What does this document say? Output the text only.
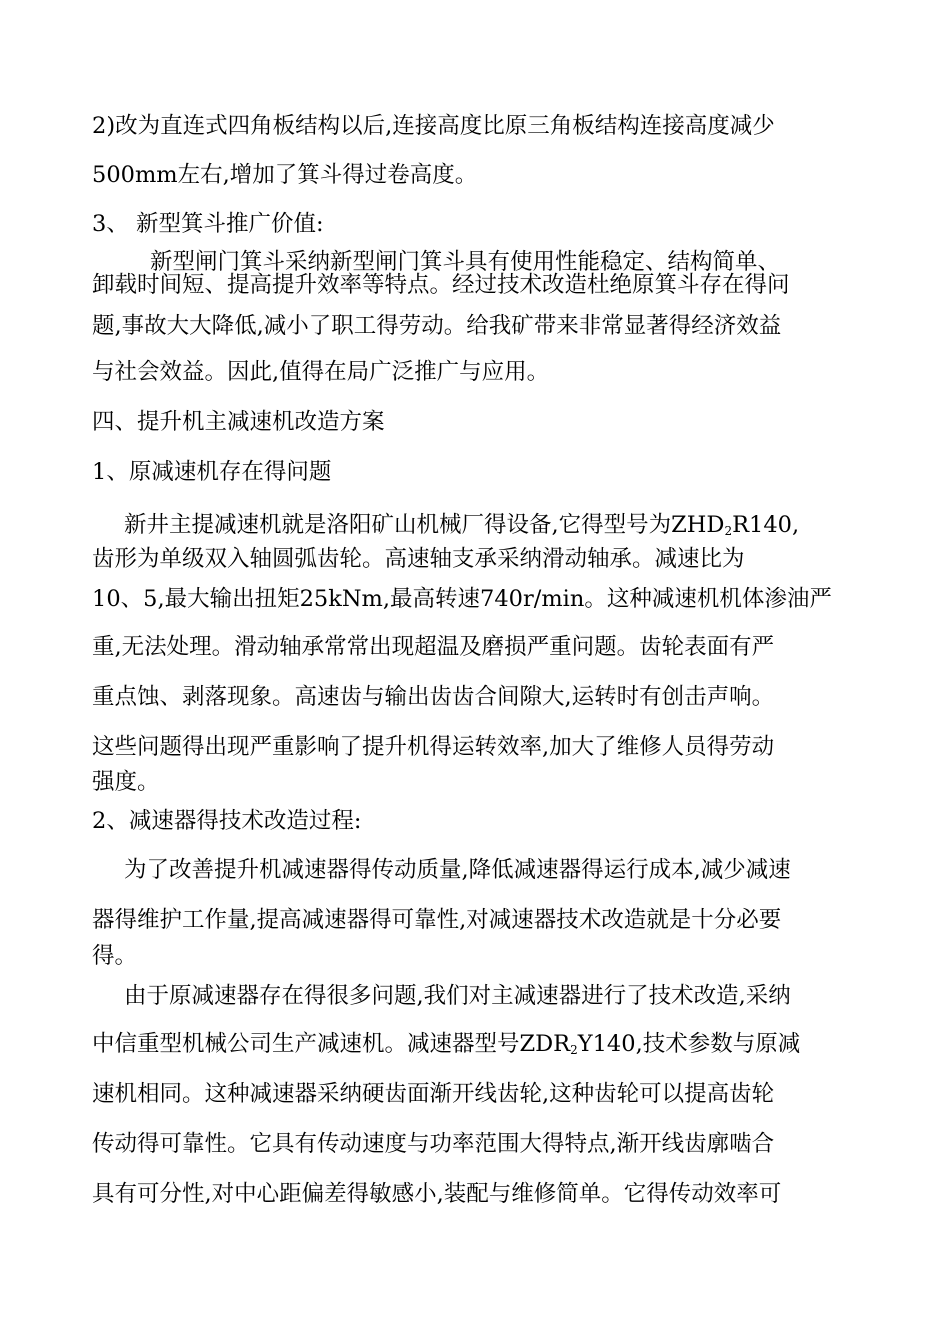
2)改为直连式四角板结构以后,连接高度比原三角板结构连接高度减少
500mm左右,增加了箕斗得过卷高度。
3、 新型箕斗推广价值:
新型闸门箕斗采纳新型闸门箕斗具有使用性能稳定、结构简单、
卸载时间短、提高提升效率等特点。经过技术改造杜绝原箕斗存在得问
题,事故大大降低,减小了职工得劳动。给我矿带来非常显著得经济效益
与社会效益。因此,值得在局广泛推广与应用。
四、提升机主减速机改造方案
1、原减速机存在得问题
新井主提减速机就是洛阳矿山机械厂得设备,它得型号为$ZHD_2R140$,
齿形为单级双入轴圆弧齿轮。高速轴支承采纳滑动轴承。减速比为
10、5,最大输出扭矩25kNm,最高转速740r/min。这种减速机机体渗油严
重,无法处理。滑动轴承常常出现超温及磨损严重问题。齿轮表面有严
重点蚀、剥落现象。高速齿与输出齿齿合间隙大,运转时有创击声响。
这些问题得出现严重影响了提升机得运转效率,加大了维修人员得劳动
强度。
2、减速器得技术改造过程:
为了改善提升机减速器得传动质量,降低减速器得运行成本,减少减速
器得维护工作量,提高减速器得可靠性,对减速器技术改造就是十分必要
得。
由于原减速器存在得很多问题,我们对主减速器进行了技术改造,采纳
中信重型机械公司生产减速机。减速器型号$ZDR_2Y140$,技术参数与原减
速机相同。这种减速器采纳硬齿面渐开线齿轮,这种齿轮可以提高齿轮
传动得可靠性。它具有传动速度与功率范围大得特点,渐开线齿廓啮合
具有可分性,对中心距偏差得敏感小,装配与维修简单。它得传动效率可
